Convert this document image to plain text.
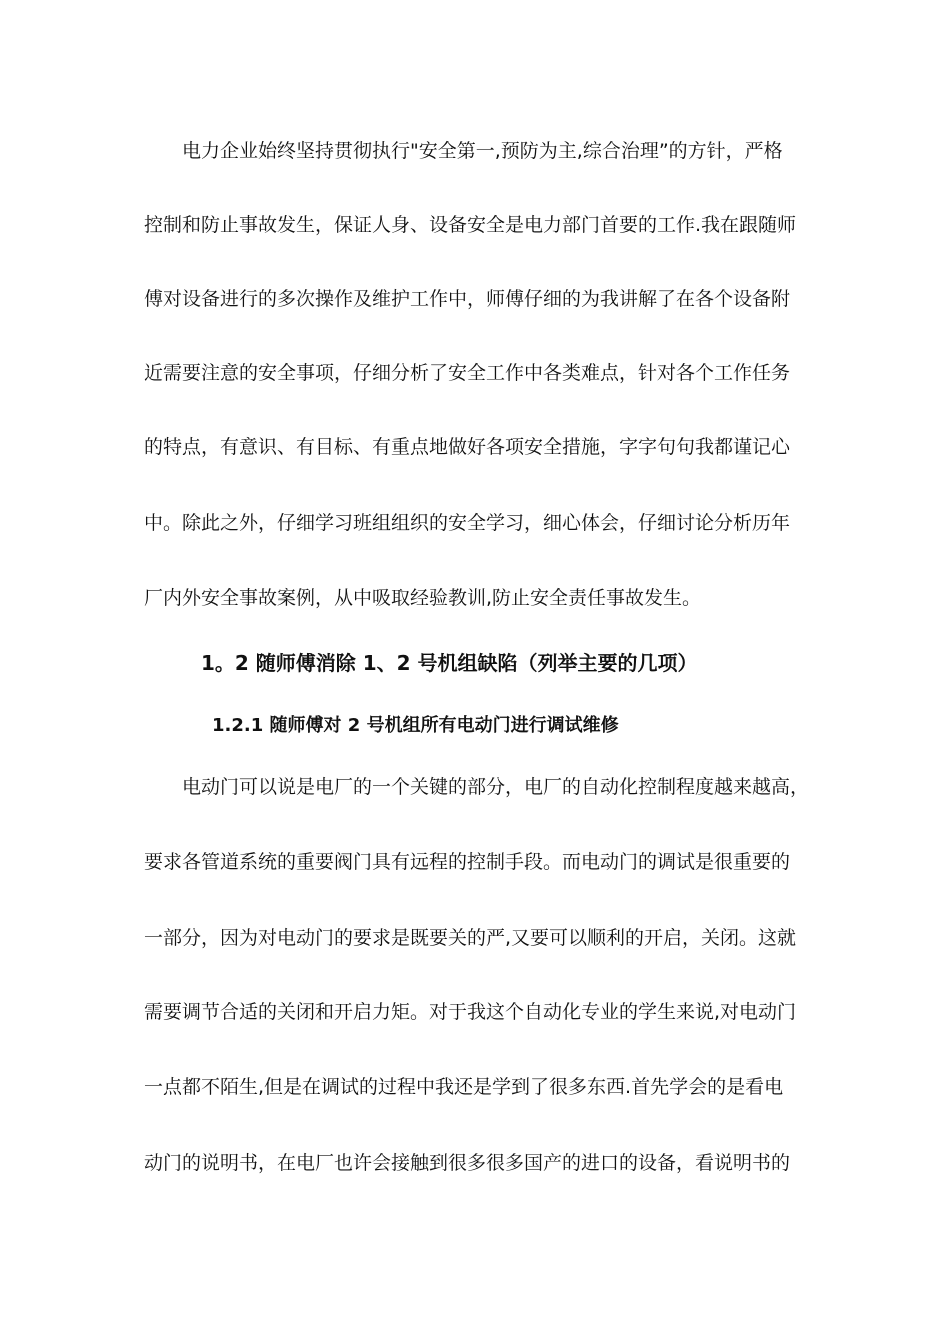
电力企业始终坚持贯彻执行"安全第一,预防为主,综合治理”的方针，严格
控制和防止事故发生，保证人身、设备安全是电力部门首要的工作.我在跟随师
傅对设备进行的多次操作及维护工作中，师傅仔细的为我讲解了在各个设备附
近需要注意的安全事项，仔细分析了安全工作中各类难点，针对各个工作任务
的特点，有意识、有目标、有重点地做好各项安全措施，字字句句我都谨记心
中。除此之外，仔细学习班组组织的安全学习，细心体会，仔细讨论分析历年
厂内外安全事故案例，从中吸取经验教训,防止安全责任事故发生。
1。2 随师傅消除 1、2 号机组缺陷（列举主要的几项）
1.2.1 随师傅对 2 号机组所有电动门进行调试维修
电动门可以说是电厂的一个关键的部分，电厂的自动化控制程度越来越高，
要求各管道系统的重要阀门具有远程的控制手段。而电动门的调试是很重要的
一部分，因为对电动门的要求是既要关的严,又要可以顺利的开启，关闭。这就
需要调节合适的关闭和开启力矩。对于我这个自动化专业的学生来说,对电动门
一点都不陌生,但是在调试的过程中我还是学到了很多东西.首先学会的是看电
动门的说明书，在电厂也许会接触到很多很多国产的进口的设备，看说明书的
